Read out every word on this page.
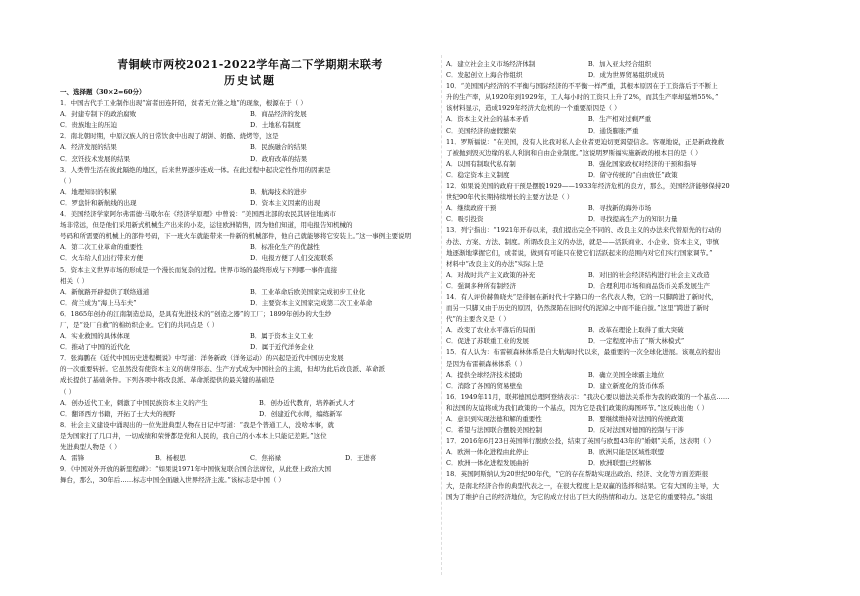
青铜峡市两校2021-2022学年高二下学期期末联考
历史试题
一、选择题（30×2=60分）
1．中国古代手工业制作出现“富者田连阡陌，贫者无立锥之地”的现象，根源在于（ ）
A．封建专制下的政治腐败	B．商品经济的发展
C．贵族地主的压迫	D．土地私有制度
2．南北朝时期，中原汉族人的日常饮食中出现了胡饼、奶酪、烧烤等，这是
A．经济发展的结果	B．民族融合的结果
C．烹饪技术发展的结果	D．政府改革的结果
3．人类曾生活在彼此隔绝的地区，后来世界逐步连成一体。在此过程中起决定性作用的因素是
（ ）
A．地理知识的积累	B．航海技术的进步
C．罗盘针和新航线的出现	D．资本主义因素的出现
4．美国经济学家阿尔弗雷德·马歇尔在《经济学原理》中曾说：“美国西北部的农民其居住地离市
场非常远，但是他们采用新式机械生产出来的小麦，运往欧洲销售，因为他们知道，用电报告知机械的
号码和所需要的机械上的部件号码，下一班火车就能带来一件新的机械部件，他自己就能够将它安装上。”这一事例主要说明
A．第二次工业革命的重要性	B．标准化生产的优越性
C．火车给人们出行带来方便	D．电报方便了人们交流联系
5．资本主义世界市场的形成是一个漫长而复杂的过程。世界市场的最终形成与下列哪一事件直接
相关（ ）
A．新航路开辟提供了联络通道	B．工业革命后欧美国家完成初步工业化
C．荷兰成为“海上马车夫”	D．主要资本主义国家完成第二次工业革命
6．1865年创办的江南制造总局，是具有先进技术的“创造之器”的工厂；1899年创办的大生纱
厂，是“设厂自救”的棉纺织企业。它们的共同点是（ ）
A．实业救国的具体体现	B．属于资本主义工业
C．推动了中国的近代化	D．属于近代洋务企业
7．张海鹏在《近代中国历史进程概说》中写道：洋务新政（洋务运动）的兴起是近代中国历史发展
的一次重要转折。它虽然没有使资本主义的萌芽形态、生产方式成为中国社会的主流，但却为此后改良派、革命派
成长提供了基础条件。下列各项中将改良派、革命派提供的最关键的基础是
（ ）
A．创办近代工业，刺激了中国民族资本主义的产生	B．创办近代教育，培养新式人才
C．翻译西方书籍，开拓了士大夫的视野	D．创建近代水师，编练新军
8．社会主义建设中涌现出的一位先进典型人物在日记中写道：“我是个普通工人，没啥本事，就
是为国家打了几口井，一切成绩和荣誉都是党和人民的，我自己的小本本上只能记差距。”这位
先进典型人物是（ ）
A．雷锋	B．杨根思	C．焦裕禄	D．王进喜
9．《中国对外开放的新里程碑》：“如果说1971年中国恢复联合国合法席位，从此登上政治大国
舞台，那么，30年后……标志中国全面融入世界经济主流。”该标志是中国（ ）
A．建立社会主义市场经济体制	B．加入亚太经合组织
C．发起创立上海合作组织	D．成为世界贸易组织成员
10．“美国国内经济的不平衡与国际经济的不平衡一样严重，其根本原因在于工资落后于不断上
升的生产率，从1920年到1929年，工人每小时的工资只上升了2%，而其生产率却猛增55%。”
该材料显示，造成1929年经济大危机的一个重要原因是（ ）
A．资本主义社会的基本矛盾	B．生产相对过剩严重
C．美国经济的虚假繁荣	D．通货膨胀严重
11．罗斯福说：“在美国，没有人比我对私人企业者更迫切更渴望信念。客观地说，正是新政挽救
了被抛到毁灭边缘的私人利润和自由企业制度。”这说明罗斯福实施新政的根本目的是（ ）
A．以国有制取代私有制	B．强化国家政权对经济的干预和指导
C．稳定资本主义制度	D．留守传统的“自由放任”政策
12．如果说美国的政府干预是摆脱1929——1933年经济危机的良方，那么，美国经济能够保持20
世纪90年代长期持续增长的主要方法是（ ）
A．继续政府干预	B．寻找新的海外市场
C．吸引投资	D．寻找提高生产力的知识力量
13．列宁指出：“1921年开春以来，我们提出完全不同的、改良主义的办法来代替原先的行动的
办法、方案、方法、制度。所谓改良主义的办法，就是——活跃商业、小企业、资本主义，审慎
地逐渐地掌握它们，或者说，做到有可能只在使它们活跃起来的范围内对它们实行国家调节。”
材料中“改良主义的办法”实际上是
A．对战时共产主义政策的补充	B．对旧的社会经济结构进行社会主义改造
C．强调多种所有制经济	D．合理利用市场和商品货币关系发展生产
14．有人评价赫鲁晓夫“是徘徊在新时代十字路口的一名代表人物，它的一只脚跨进了新时代，
而另一只脚又由于历史的原因，仍然深陷在旧时代的泥淖之中而不能自拔。”这里“跨进了新时
代”的主要含义是（ ）
A．改变了农业水平落后的局面	B．改革在理论上取得了重大突破
C．促进了苏联重工业的发展	D．一定程度冲击了“斯大林模式”
15．有人认为：布雷顿森林体系是自大航海时代以来，最重要的一次全球化进展。该观点的提出
是因为布雷顿森林体系（ ）
A．提供全球经济技术援助	B．确立美国全球霸主地位
C．消除了各国的贸易壁垒	D．建立新度化的货币体系
16．1949年11月，联邦德国总理阿登纳表示：“我决心要以德法关系作为我的政策的一个基点……
和法国的友谊将成为我们政策的一个基点，因为它是我们政策的海图环节。”这反映出他（ ）
A．意识到实现法德和解的重要性	B．要继续维持对法国的传统政策
C．希望与法国联合摆脱美国控制	D．反对法国对德国的控制与干涉
17．2016年6月23日英国举行脱欧公投，结束了英国与欧盟43年的“婚姻”关系，这表明（ ）
A．欧洲一体化进程由此停止	B．欧洲只能是区域性联盟
C．欧洲一体化进程发展曲折	D．欧洲联盟已经解体
18．英国阿斯纳认为20世纪90年代，“它的存在帮助实现出政治、经济、文化等方面差距很
大，是南北经济合作的典型代表之一，在很大程度上是双赢的选择和结果。它有大国的主导，大
国为了维护自己的经济地位，为它的成立付出了巨大的热情和动力。这是它的重要特点。”该组
